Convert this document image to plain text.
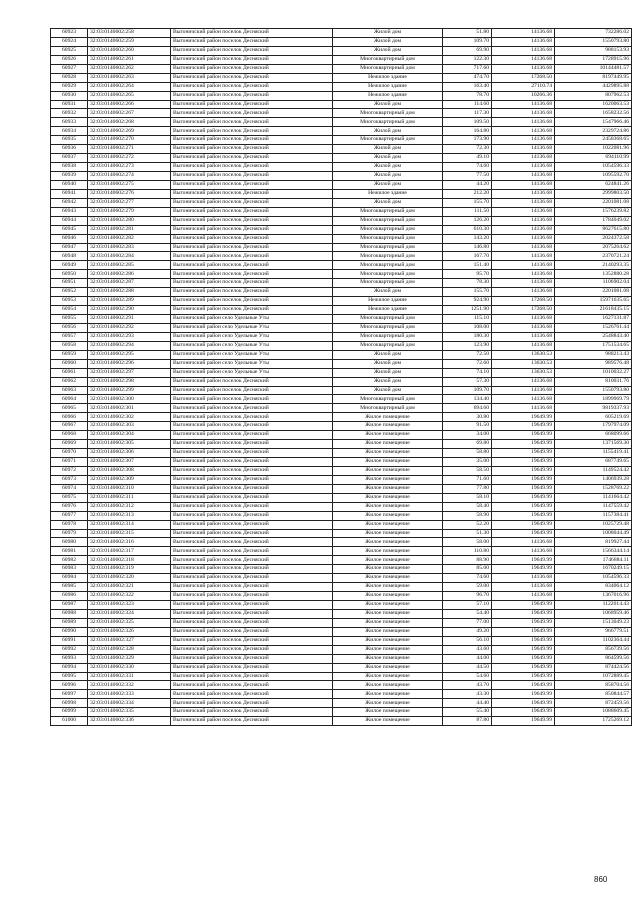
60923	32:03:0140602:258	Выгоничский район поселок Десняский	Жилой дом	51.80	14136.68	732286.02
60924	32:03:0140602:259	Выгоничский район поселок Десняский	Жилой дом	109.70	14136.68	1550793.80
60925	32:03:0140602:260	Выгоничский район поселок Десняский	Жилой дом	69.90	14136.68	988153.93
60926	32:03:0140602:261	Выгоничский район поселок Десняский	Многоквартирный дом	122.30	14136.68	1728915.96
60927	32:03:0140602:262	Выгоничский район поселок Десняский	Многоквартирный дом	717.60	14136.68	10144481.57
60928	32:03:0140602:263	Выгоничский район поселок Десняский	Нежилое здание	474.70	17268.50	8197449.95
60929	32:03:0140602:264	Выгоничский район поселок Десняский	Нежилое здание	163.40	27110.74	4429895.88
60930	32:03:0140602:265	Выгоничский район поселок Десняский	Нежилое здание	78.70	10266.36	807962.53
60931	32:03:0140602:266	Выгоничский район поселок Десняский	Жилой дом	114.60	14136.68	1620063.53
60932	32:03:0140602:267	Выгоничский район поселок Десняский	Многоквартирный дом	117.30	14136.68	1658232.56
60933	32:03:0140602:268	Выгоничский район поселок Десняский	Многоквартирный дом	109.50	14136.68	1547966.46
60934	32:03:0140602:269	Выгоничский район поселок Десняский	Жилой дом	164.80	14136.68	2329724.86
60935	32:03:0140602:270	Выгоничский район поселок Десняский	Многоквартирный дом	173.90	14136.68	2458368.65
60936	32:03:0140602:271	Выгоничский район поселок Десняский	Жилой дом	72.30	14136.68	1022081.96
60937	32:03:0140602:272	Выгоничский район поселок Десняский	Жилой дом	49.10	14136.68	694110.99
60938	32:03:0140602:273	Выгоничский район поселок Десняский	Жилой дом	74.60	14136.68	1054596.33
60939	32:03:0140602:274	Выгоничский район поселок Десняский	Жилой дом	77.50	14136.68	1095592.70
60940	32:03:0140602:275	Выгоничский район поселок Десняский	Жилой дом	44.20	14136.68	624841.26
60941	32:03:0140602:276	Выгоничский район поселок Десняский	Нежилое здание	212.20	14136.68	2999803.50
60942	32:03:0140602:277	Выгоничский район поселок Десняский	Жилой дом	155.70	14136.68	2201081.08
60943	32:03:0140602:279	Выгоничский район поселок Десняский	Многоквартирный дом	111.50	14136.68	1576239.82
60944	32:03:0140602:280	Выгоничский район поселок Десняский	Многоквартирный дом	126.20	14136.68	1784049.02
60945	32:03:0140602:281	Выгоничский район поселок Десняский	Многоквартирный дом	610.30	14136.68	8627615.80
60946	32:03:0140602:282	Выгоничский район поселок Десняский	Многоквартирный дом	143.20	14136.68	2024372.58
60947	32:03:0140602:283	Выгоничский район поселок Десняский	Многоквартирный дом	146.80	14136.68	2075264.62
60948	32:03:0140602:284	Выгоничский район поселок Десняский	Многоквартирный дом	167.70	14136.68	2370721.24
60949	32:03:0140602:285	Выгоничский район поселок Десняский	Многоквартирный дом	151.40	14136.68	2140293.35
60950	32:03:0140602:286	Выгоничский район поселок Десняский	Многоквартирный дом	95.70	14136.68	1352880.28
60951	32:03:0140602:287	Выгоничский район поселок Десняский	Многоквартирный дом	78.30	14136.68	1106902.04
60952	32:03:0140602:288	Выгоничский район поселок Десняский	Жилой дом	155.70	14136.68	2201081.08
60953	32:03:0140602:289	Выгоничский район поселок Десняский	Нежилое здание	924.90	17268.50	15971635.65
60954	32:03:0140602:290	Выгоничский район поселок Десняский	Нежилое здание	1251.90	17268.50	21618435.15
60955	32:03:0140602:291	Выгоничский район село Удельные Уты	Многоквартирный дом	115.10	14136.68	1627131.87
60956	32:03:0140602:292	Выгоничский район село Удельные Уты	Многоквартирный дом	108.00	14136.68	1526761.44
60957	32:03:0140602:293	Выгоничский район село Удельные Уты	Многоквартирный дом	180.30	14136.68	2548843.40
60958	32:03:0140602:294	Выгоничский район село Удельные Уты	Многоквартирный дом	123.90	14136.68	1751534.65
60959	32:03:0140602:295	Выгоничский район село Удельные Уты	Жилой дом	72.50	13630.53	988213.43
60960	32:03:0140602:296	Выгоничский район село Удельные Уты	Жилой дом	72.60	13630.53	989576.48
60961	32:03:0140602:297	Выгоничский район село Удельные Уты	Жилой дом	74.10	13630.53	1010032.27
60962	32:03:0140602:298	Выгоничский район поселок Десняский	Жилой дом	57.30	14136.68	810031.76
60963	32:03:0140602:299	Выгоничский район поселок Десняский	Жилой дом	109.70	14136.68	1550793.80
60964	32:03:0140602:300	Выгоничский район поселок Десняский	Многоквартирный дом	134.40	14136.68	1899969.79
60965	32:03:0140602:301	Выгоничский район поселок Десняский	Многоквартирный дом	694.60	14136.68	9819337.93
60966	32:03:0140602:302	Выгоничский район поселок Десняский	Жилое помещение	30.80	19649.99	605219.69
60967	32:03:0140602:303	Выгоничский район поселок Десняский	Жилое помещение	91.50	19649.99	1797974.09
60968	32:03:0140602:304	Выгоничский район поселок Десняский	Жилое помещение	34.00	19649.99	668099.66
60969	32:03:0140602:305	Выгоничский район поселок Десняский	Жилое помещение	69.80	19649.99	1371569.30
60970	32:03:0140602:306	Выгоничский район поселок Десняский	Жилое помещение	58.80	19649.99	1155419.41
60971	32:03:0140602:307	Выгоничский район поселок Десняский	Жилое помещение	35.00	19649.99	687749.65
60972	32:03:0140602:308	Выгоничский район поселок Десняский	Жилое помещение	58.50	19649.99	1149524.42
60973	32:03:0140602:309	Выгоничский район поселок Десняский	Жилое помещение	71.60	19649.99	1406939.28
60974	32:03:0140602:310	Выгоничский район поселок Десняский	Жилое помещение	77.80	19649.99	1528769.22
60975	32:03:0140602:311	Выгоничский район поселок Десняский	Жилое помещение	58.10	19649.99	1141664.42
60976	32:03:0140602:312	Выгоничский район поселок Десняский	Жилое помещение	58.40	19649.99	1147559.42
60977	32:03:0140602:313	Выгоничский район поселок Десняский	Жилое помещение	58.90	19649.99	1157384.41
60978	32:03:0140602:314	Выгоничский район поселок Десняский	Жилое помещение	52.20	19649.99	1025729.48
60979	32:03:0140602:315	Выгоничский район поселок Десняский	Жилое помещение	51.30	19649.99	1008044.49
60980	32:03:0140602:316	Выгоничский район поселок Десняский	Жилое помещение	58.00	14136.68	819927.44
60981	32:03:0140602:317	Выгоничский район поселок Десняский	Жилое помещение	110.80	14136.68	1566344.14
60982	32:03:0140602:318	Выгоничский район поселок Десняский	Жилое помещение	88.90	19649.99	1746884.11
60983	32:03:0140602:319	Выгоничский район поселок Десняский	Жилое помещение	85.00	19649.99	1670249.15
60984	32:03:0140602:320	Выгоничский район поселок Десняский	Жилое помещение	74.60	14136.68	1054596.33
60985	32:03:0140602:321	Выгоничский район поселок Десняский	Жилое помещение	59.00	14136.68	834064.12
60986	32:03:0140602:322	Выгоничский район поселок Десняский	Жилое помещение	96.70	14136.68	1367016.96
60987	32:03:0140602:323	Выгоничский район поселок Десняский	Жилое помещение	57.10	19649.99	1122014.43
60988	32:03:0140602:324	Выгоничский район поселок Десняский	Жилое помещение	54.40	19649.99	1068959.46
60989	32:03:0140602:325	Выгоничский район поселок Десняский	Жилое помещение	77.00	19649.99	1513049.23
60990	32:03:0140602:326	Выгоничский район поселок Десняский	Жилое помещение	49.20	19649.99	966779.51
60991	32:03:0140602:327	Выгоничский район поселок Десняский	Жилое помещение	56.10	19649.99	1102364.44
60992	32:03:0140602:328	Выгоничский район поселок Десняский	Жилое помещение	43.60	19649.99	856739.56
60993	32:03:0140602:329	Выгоничский район поселок Десняский	Жилое помещение	44.00	19649.99	864599.56
60994	32:03:0140602:330	Выгоничский район поселок Десняский	Жилое помещение	44.50	19649.99	874424.56
60995	32:03:0140602:331	Выгоничский район поселок Десняский	Жилое помещение	54.60	19649.99	1072889.45
60996	32:03:0140602:332	Выгоничский район поселок Десняский	Жилое помещение	43.70	19649.99	858704.56
60997	32:03:0140602:333	Выгоничский район поселок Десняский	Жилое помещение	43.30	19649.99	850844.57
60998	32:03:0140602:334	Выгоничский район поселок Десняский	Жилое помещение	44.40	19649.99	872459.56
60999	32:03:0140602:335	Выгоничский район поселок Десняский	Жилое помещение	55.40	19649.99	1088609.45
61000	32:03:0140602:336	Выгоничский район поселок Десняский	Жилое помещение	87.80	19649.99	1725269.12
860
